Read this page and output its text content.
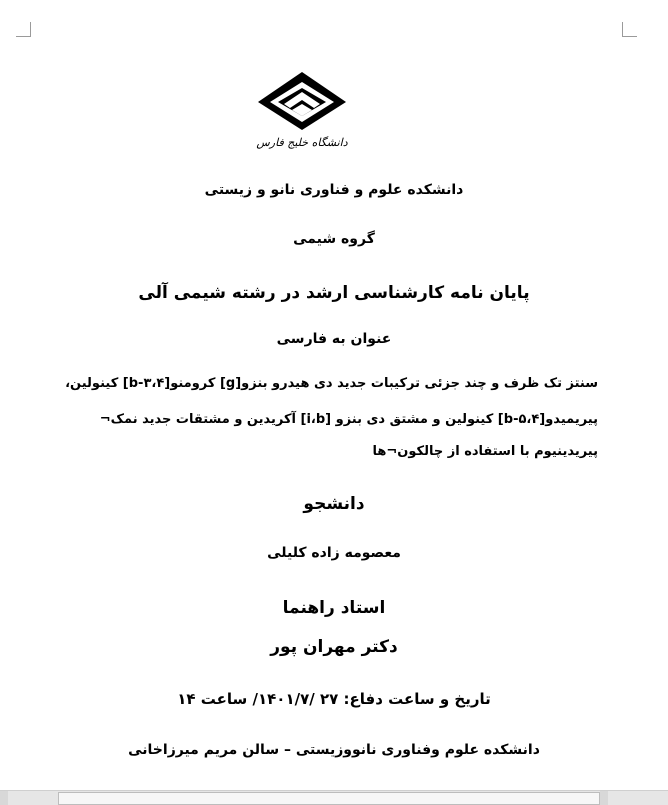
دانشگاه خلیج فارس
دانشکده علوم و فناوری نانو و زیستی
گروه شیمی
پایان نامه کارشناسی ارشد در رشته شیمی آلی
عنوان به فارسی
سنتز تک ظرف و چند جزئی ترکیبات جدید دی هیدرو بنزو[g] کرومنو[۳،۴-b] کینولین،
پیریمیدو[۵،۴-b] کینولین و مشتق دی بنزو [i،b] آکریدین و مشتقات جدید نمک¬
پیریدینیوم با استفاده از چالکون¬ها
دانشجو
معصومه زاده کلیلی
استاد راهنما
دکتر مهران پور
تاریخ و ساعت دفاع: ۲۷ /۱۴۰۱/۷/ ساعت ۱۴
دانشکده علوم وفناوری نانووزیستی – سالن مریم میرزاخانی
